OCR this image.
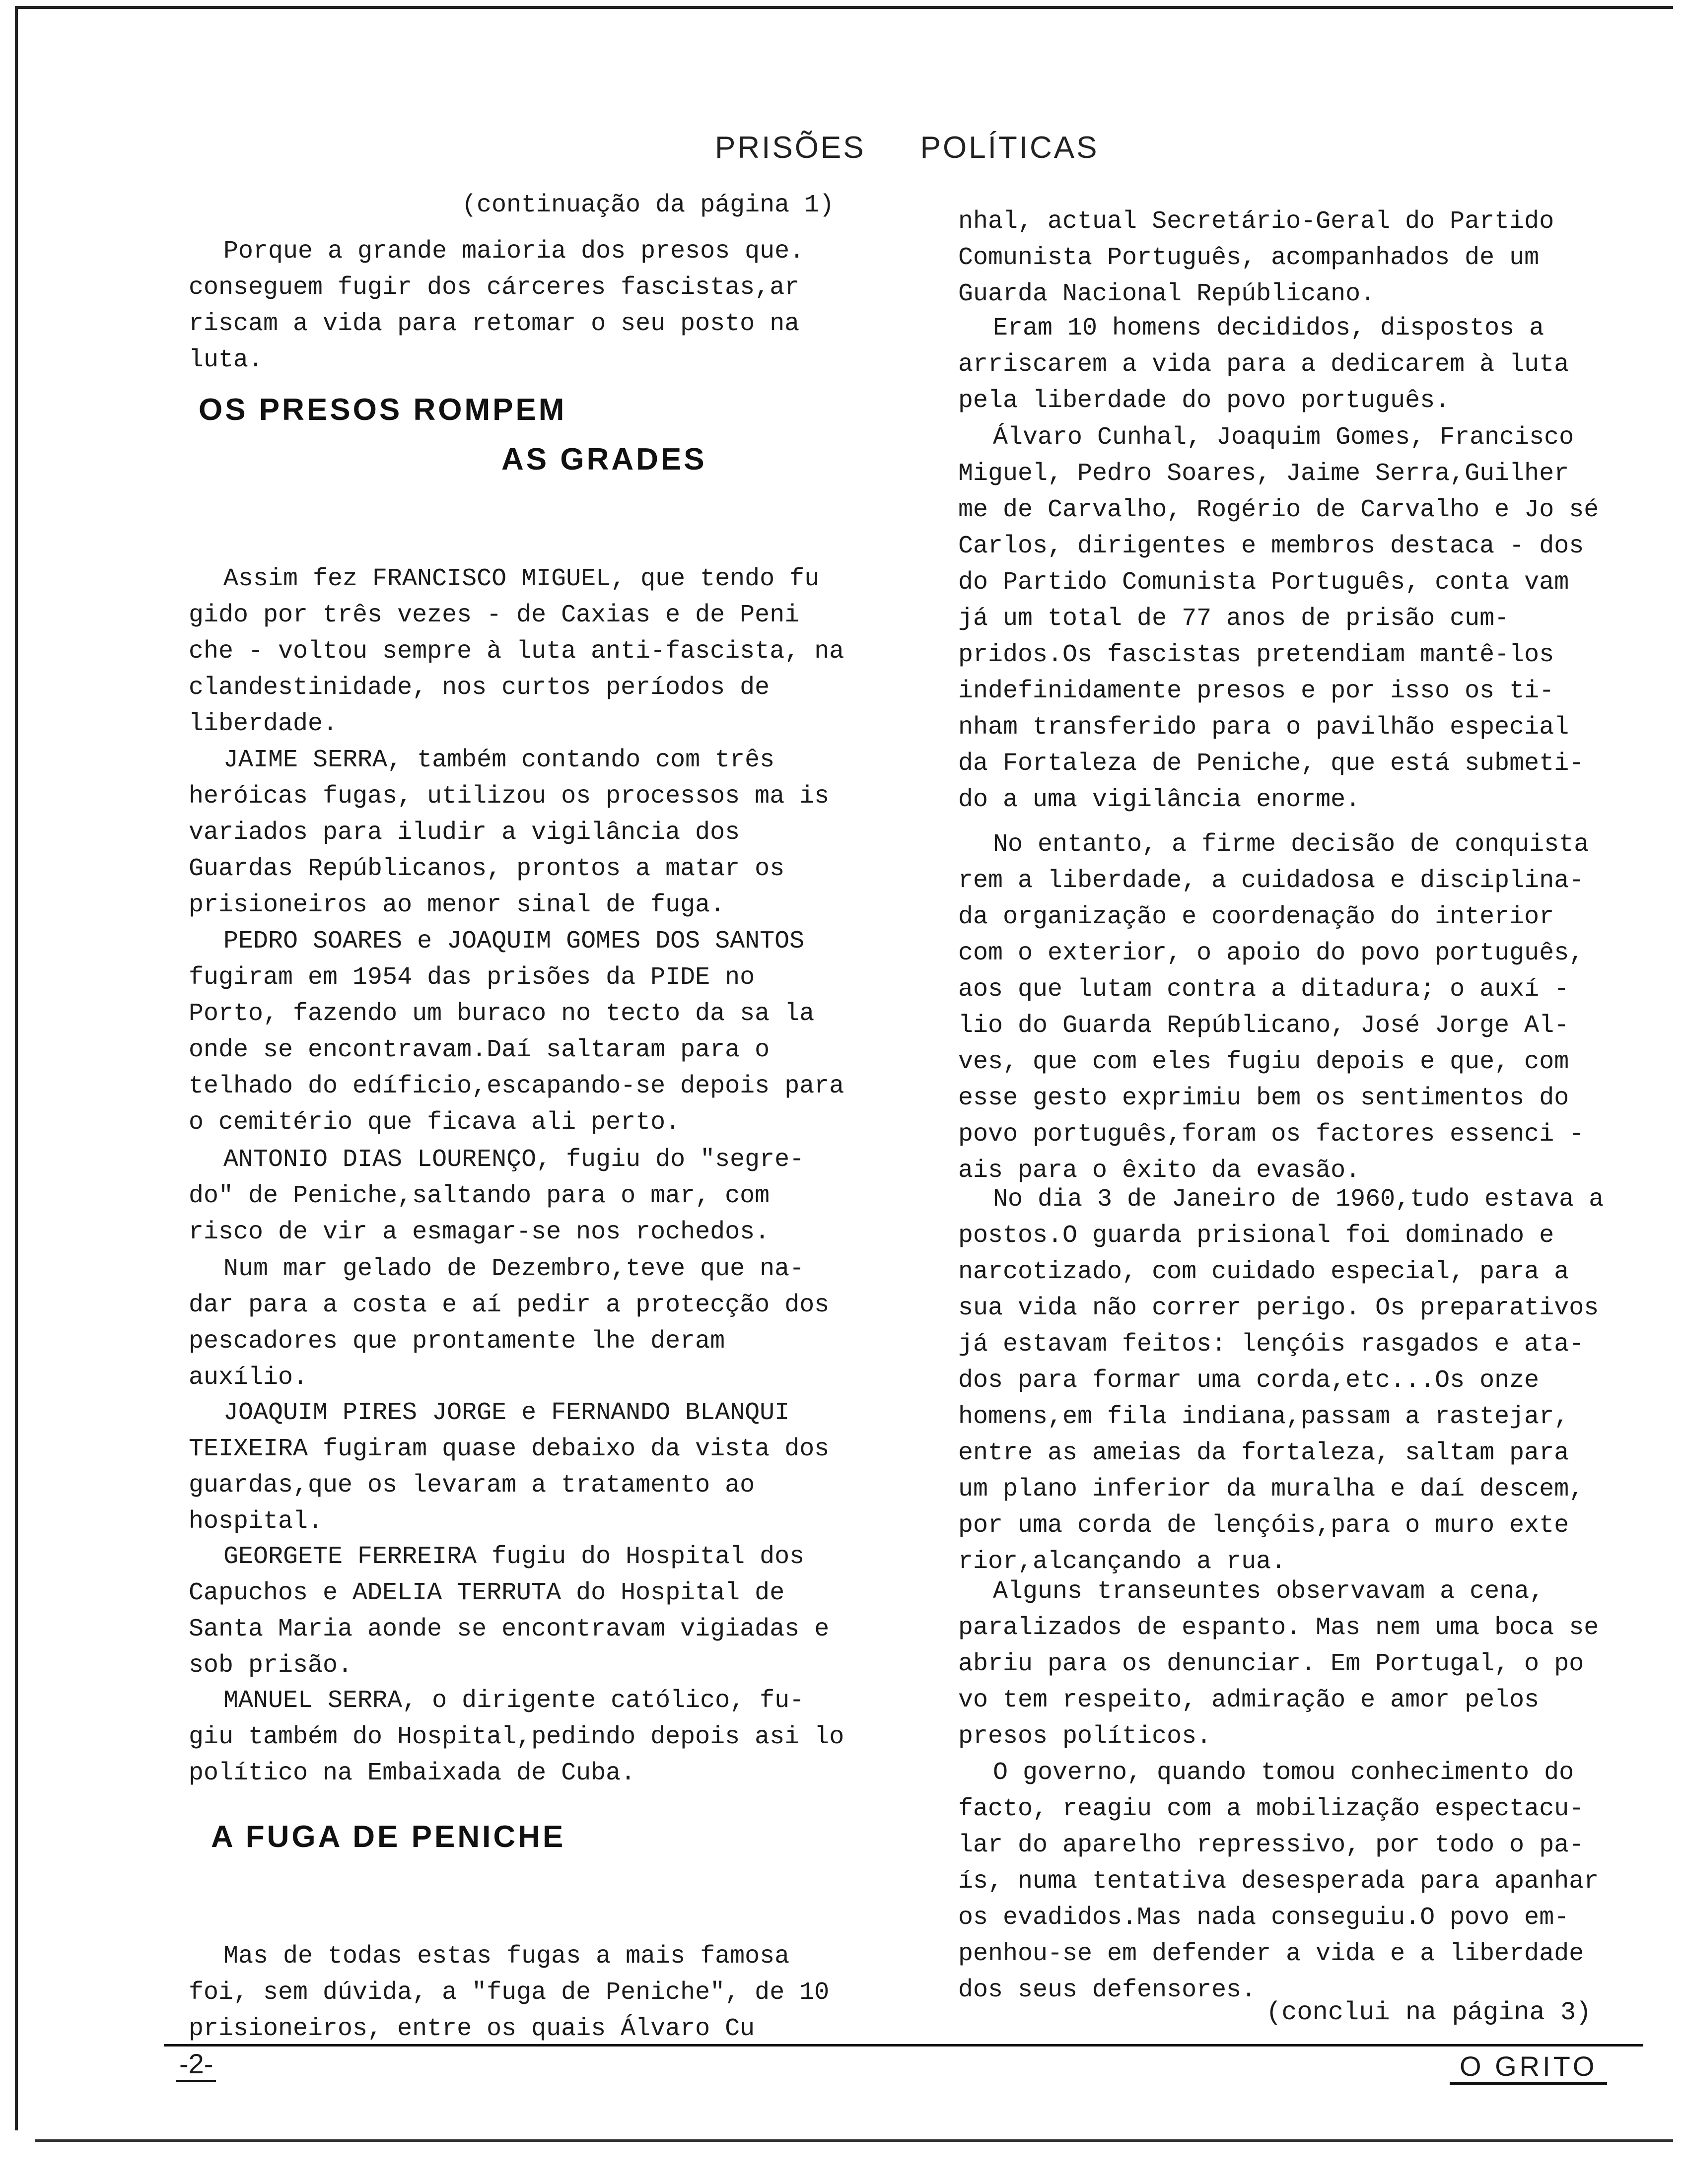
PRISÕES POLÍTICAS
(continuação da página 1)

Porque a grande maioria dos presos que. conseguem fugir dos cárceres fascistas,ar riscam a vida para retomar o seu posto na luta.

OS PRESOS ROMPEM

AS GRADES

Assim fez FRANCISCO MIGUEL, que tendo fu gido por três vezes - de Caxias e de Peni che - voltou sempre à luta anti-fascista, na clandestinidade, nos curtos períodos de liberdade.

JAIME SERRA, também contando com três heróicas fugas, utilizou os processos ma is variados para iludir a vigilância dos Guardas Repúblicanos, prontos a matar os prisioneiros ao menor sinal de fuga.

PEDRO SOARES e JOAQUIM GOMES DOS SANTOS fugiram em 1954 das prisões da PIDE no Porto, fazendo um buraco no tecto da sa la onde se encontravam.Daí saltaram para o telhado do edíficio,escapando-se depois para o cemitério que ficava ali perto.

ANTONIO DIAS LOURENÇO, fugiu do "segre- do" de Peniche,saltando para o mar, com risco de vir a esmagar-se nos rochedos.

Num mar gelado de Dezembro,teve que na- dar para a costa e aí pedir a protecção dos pescadores que prontamente lhe deram auxílio.

JOAQUIM PIRES JORGE e FERNANDO BLANQUI TEIXEIRA fugiram quase debaixo da vista dos guardas,que os levaram a tratamento ao hospital.

GEORGETE FERREIRA fugiu do Hospital dos Capuchos e ADELIA TERRUTA do Hospital de Santa Maria aonde se encontravam vigiadas e sob prisão.

MANUEL SERRA, o dirigente católico, fu- giu também do Hospital,pedindo depois asi lo político na Embaixada de Cuba.

A FUGA DE PENICHE

Mas de todas estas fugas a mais famosa foi, sem dúvida, a "fuga de Peniche", de 10 prisioneiros, entre os quais Álvaro Cu

nhal, actual Secretário-Geral do Partido Comunista Português, acompanhados de um Guarda Nacional Repúblicano.

Eram 10 homens decididos, dispostos a arriscarem a vida para a dedicarem à luta pela liberdade do povo português.

Álvaro Cunhal, Joaquim Gomes, Francisco Miguel, Pedro Soares, Jaime Serra,Guilher me de Carvalho, Rogério de Carvalho e Jo sé Carlos, dirigentes e membros destaca - dos do Partido Comunista Português, conta vam já um total de 77 anos de prisão cum- pridos.Os fascistas pretendiam mantê-los indefinidamente presos e por isso os ti- nham transferido para o pavilhão especial da Fortaleza de Peniche, que está submeti- do a uma vigilância enorme.

No entanto, a firme decisão de conquista rem a liberdade, a cuidadosa e disciplina- da organização e coordenação do interior com o exterior, o apoio do povo português, aos que lutam contra a ditadura; o auxí - lio do Guarda Repúblicano, José Jorge Al- ves, que com eles fugiu depois e que, com esse gesto exprimiu bem os sentimentos do povo português,foram os factores essenci - ais para o êxito da evasão.

No dia 3 de Janeiro de 1960,tudo estava a postos.O guarda prisional foi dominado e narcotizado, com cuidado especial, para a sua vida não correr perigo. Os preparativos já estavam feitos: lençóis rasgados e ata- dos para formar uma corda,etc...Os onze homens,em fila indiana,passam a rastejar, entre as ameias da fortaleza, saltam para um plano inferior da muralha e daí descem, por uma corda de lençóis,para o muro exte rior,alcançando a rua.

Alguns transeuntes observavam a cena, paralizados de espanto. Mas nem uma boca se abriu para os denunciar. Em Portugal, o po vo tem respeito, admiração e amor pelos presos políticos.

O governo, quando tomou conhecimento do facto, reagiu com a mobilização espectacu- lar do aparelho repressivo, por todo o pa- ís, numa tentativa desesperada para apanhar os evadidos.Mas nada conseguiu.O povo em- penhou-se em defender a vida e a liberdade dos seus defensores.

(conclui na página 3)
-2-	O GRITO
